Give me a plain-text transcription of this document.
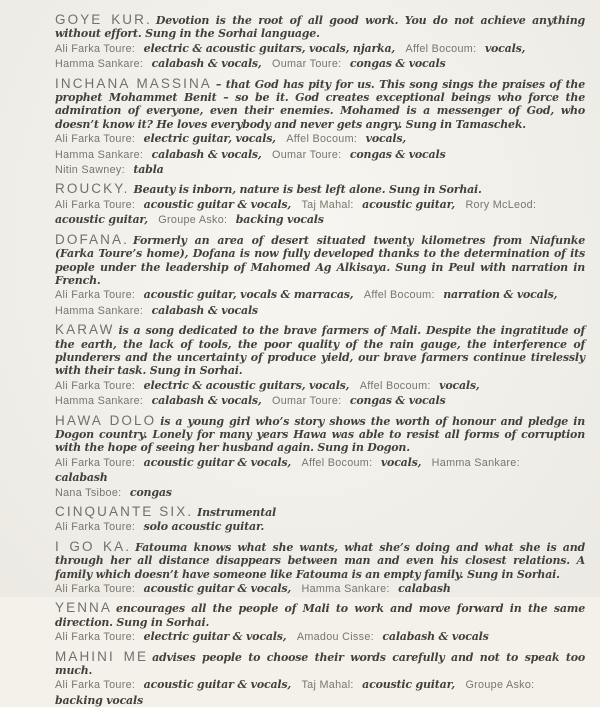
GOYE KUR. Devotion is the root of all good work. You do not achieve anything without effort. Sung in the Sorhai language.

Ali Farka Toure: electric & acoustic guitars, vocals, njarka, Affel Bocoum: vocals,
Hamma Sankare: calabash & vocals, Oumar Toure: congas & vocals

INCHANA MASSINA – that God has pity for us. This song sings the praises of the prophet Mohammet Benit – so be it. God creates exceptional beings who force the admiration of everyone, even their enemies. Mohamed is a messenger of God, who doesn’t know it? He loves everybody and never gets angry. Sung in Tamaschek.

Ali Farka Toure: electric guitar, vocals, Affel Bocoum: vocals,
Hamma Sankare: calabash & vocals, Oumar Toure: congas & vocals
Nitin Sawney: tabla

ROUCKY. Beauty is inborn, nature is best left alone. Sung in Sorhai.

Ali Farka Toure: acoustic guitar & vocals, Taj Mahal: acoustic guitar, Rory McLeod: acoustic guitar, Groupe Asko: backing vocals

DOFANA. Formerly an area of desert situated twenty kilometres from Niafunke (Farka Toure’s home), Dofana is now fully developed thanks to the determination of its people under the leadership of Mahomed Ag Alkisaya. Sung in Peul with narration in French.

Ali Farka Toure: acoustic guitar, vocals & marracas, Affel Bocoum: narration & vocals,
Hamma Sankare: calabash & vocals

KARAW is a song dedicated to the brave farmers of Mali. Despite the ingratitude of the earth, the lack of tools, the poor quality of the rain gauge, the interference of plunderers and the uncertainty of produce yield, our brave farmers continue tirelessly with their task. Sung in Sorhai.

Ali Farka Toure: electric & acoustic guitars, vocals, Affel Bocoum: vocals,
Hamma Sankare: calabash & vocals, Oumar Toure: congas & vocals

HAWA DOLO is a young girl who’s story shows the worth of honour and pledge in Dogon country. Lonely for many years Hawa was able to resist all forms of corruption with the hope of seeing her husband again. Sung in Dogon.

Ali Farka Toure: acoustic guitar & vocals, Affel Bocoum: vocals, Hamma Sankare: calabash
Nana Tsiboe: congas

CINQUANTE SIX. Instrumental

Ali Farka Toure: solo acoustic guitar.

I GO KA. Fatouma knows what she wants, what she’s doing and what she is and through her all distance disappears between man and even his closest relations. A family which doesn’t have someone like Fatouma is an empty family. Sung in Sorhai.

Ali Farka Toure: acoustic guitar & vocals, Hamma Sankare: calabash

YENNA encourages all the people of Mali to work and move forward in the same direction. Sung in Sorhai.

Ali Farka Toure: electric guitar & vocals, Amadou Cisse: calabash & vocals

MAHINI ME advises people to choose their words carefully and not to speak too much.

Ali Farka Toure: acoustic guitar & vocals, Taj Mahal: acoustic guitar, Groupe Asko: backing vocals
